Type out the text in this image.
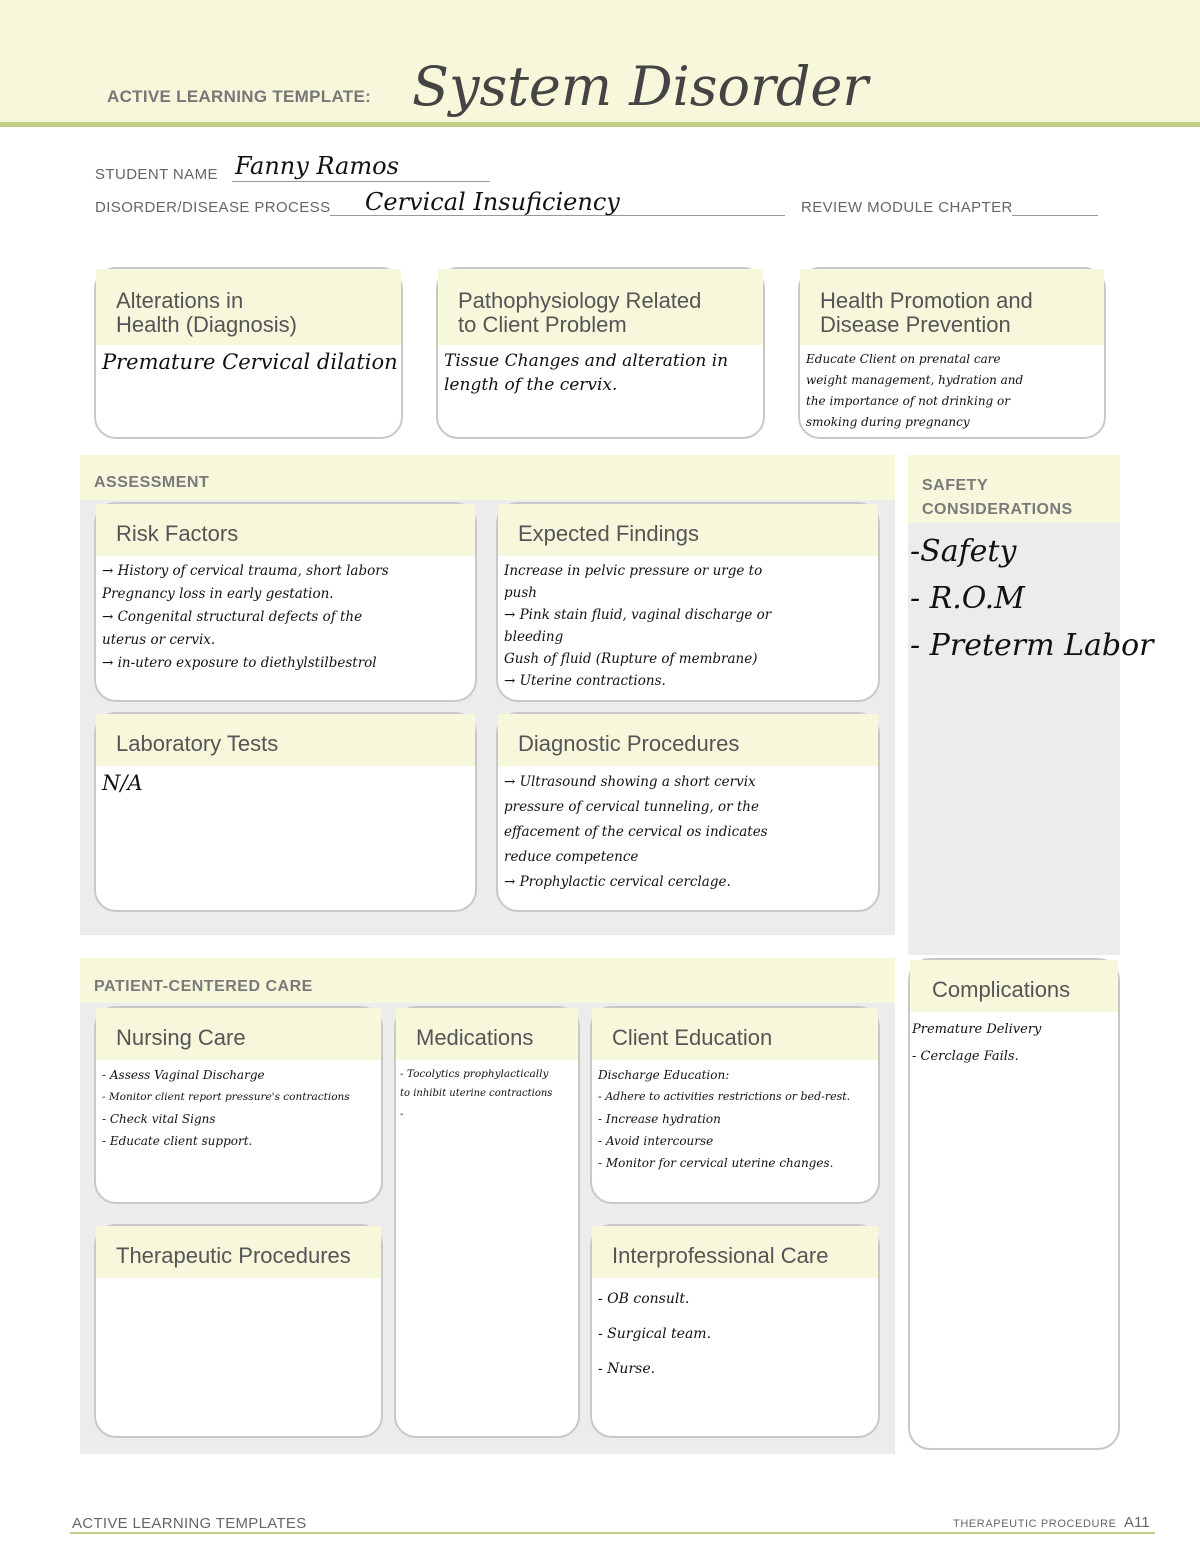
ACTIVE LEARNING TEMPLATE: System Disorder
STUDENT NAME Fanny Ramos
DISORDER/DISEASE PROCESS Cervical Insuficiency	REVIEW MODULE CHAPTER
Alterations in
Health (Diagnosis)
Premature Cervical dilation
Pathophysiology Related
to Client Problem
Tissue Changes and alteration in
length of the cervix.
Health Promotion and
Disease Prevention
Educate Client on prenatal care
weight management, hydration and
the importance of not drinking or
smoking during pregnancy
ASSESSMENT
Risk Factors
→ History of cervical trauma, short labors
Pregnancy loss in early gestation.
→ Congenital structural defects of the
uterus or cervix.
→ in-utero exposure to diethylstilbestrol
Expected Findings
Increase in pelvic pressure or urge to
push
→ Pink stain fluid, vaginal discharge or
bleeding
Gush of fluid (Rupture of membrane)
→ Uterine contractions.
Laboratory Tests
N/A
Diagnostic Procedures
→ Ultrasound showing a short cervix
pressure of cervical tunneling, or the
effacement of the cervical os indicates
reduce competence
→ Prophylactic cervical cerclage.
SAFETY
CONSIDERATIONS
-Safety
- R.O.M
- Preterm Labor
PATIENT-CENTERED CARE
Nursing Care
- Assess Vaginal Discharge
- Monitor client report pressure's contractions
- Check vital Signs
- Educate client support.
Medications
- Tocolytics prophylactically
to inhibit uterine contractions
-
Client Education
Discharge Education:
- Adhere to activities restrictions or bed-rest.
- Increase hydration
- Avoid intercourse
- Monitor for cervical uterine changes.
Therapeutic Procedures	Interprofessional Care
- OB consult.
- Surgical team.
- Nurse.
Complications
Premature Delivery
- Cerclage Fails.
ACTIVE LEARNING TEMPLATES	THERAPEUTIC PROCEDURE A11
